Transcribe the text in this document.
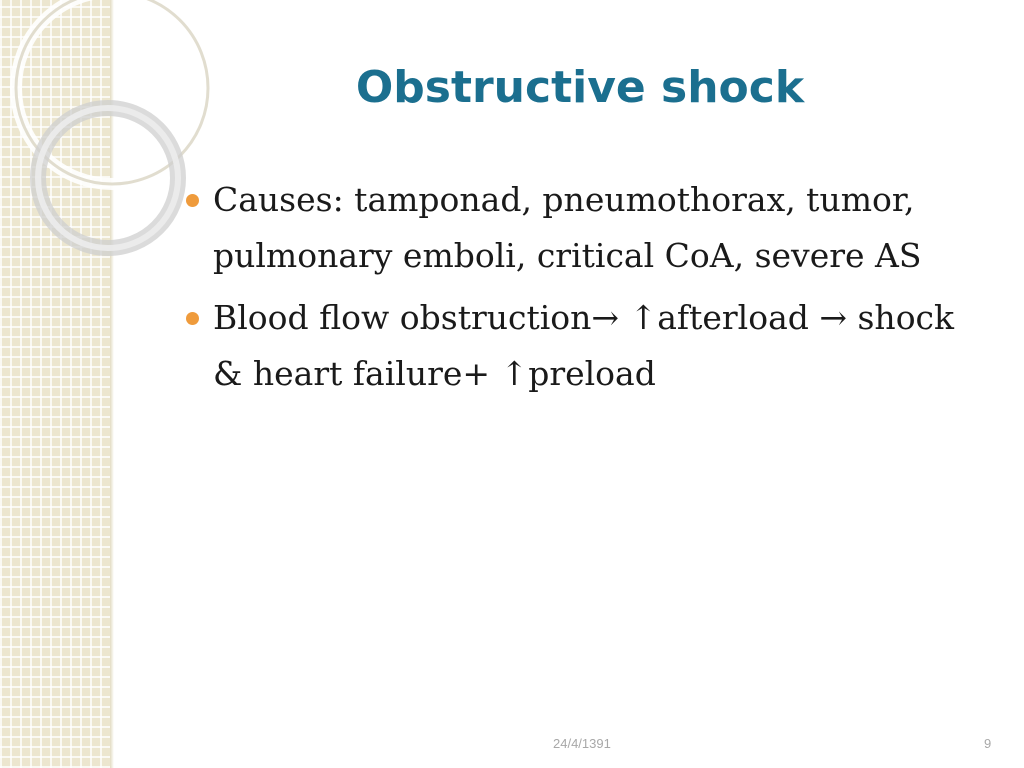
Obstructive shock
Causes: tamponad, pneumothorax, tumor, pulmonary emboli, critical CoA, severe AS
Blood flow obstruction→ ↑afterload → shock & heart failure+ ↑preload
24/4/1391	9
